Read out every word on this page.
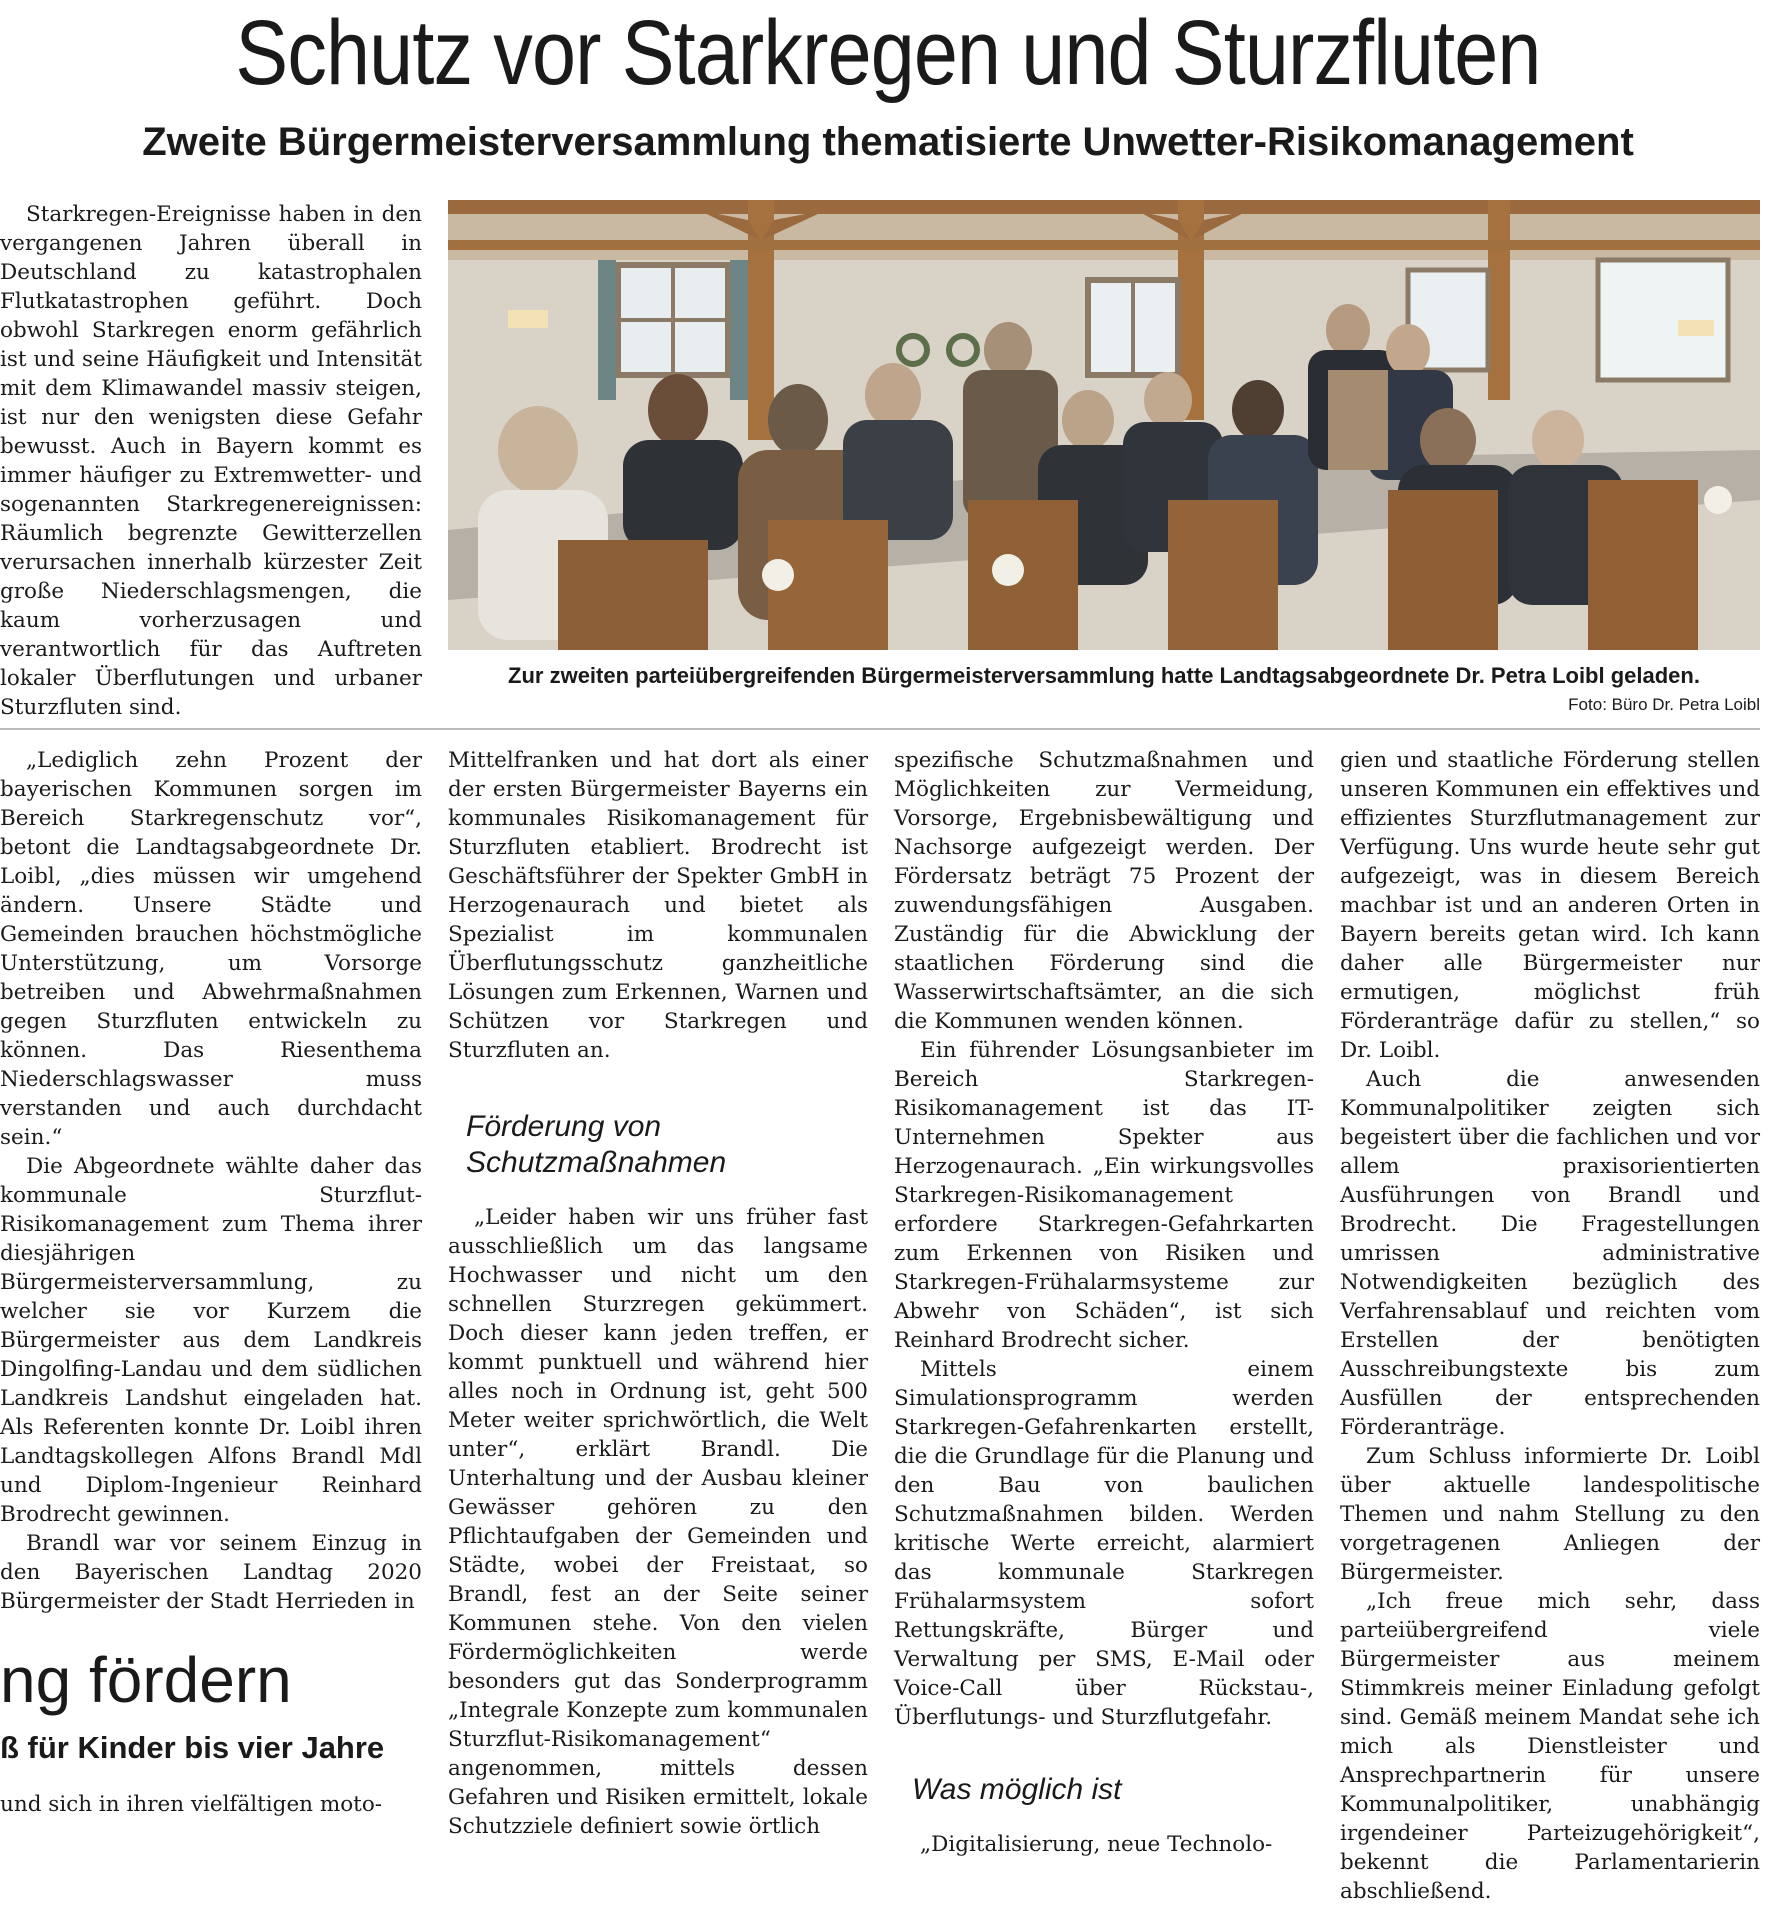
Schutz vor Starkregen und Sturzfluten
Zweite Bürgermeisterversammlung thematisierte Unwetter-Risikomanagement

Starkregen-Ereignisse haben in den vergangenen Jahren überall in Deutschland zu katastrophalen Flutkatastrophen geführt. Doch obwohl Starkregen enorm gefährlich ist und seine Häufigkeit und Intensität mit dem Klimawandel massiv steigen, ist nur den wenigsten diese Gefahr bewusst. Auch in Bayern kommt es immer häufiger zu Extremwetter- und sogenannten Starkregenereignissen: Räumlich begrenzte Gewitterzellen verursachen innerhalb kürzester Zeit große Niederschlagsmengen, die kaum vorherzusagen und verantwortlich für das Auftreten lokaler Überflutungen und urbaner Sturzfluten sind.

Zur zweiten parteiübergreifenden Bürgermeisterversammlung hatte Landtagsabgeordnete Dr. Petra Loibl geladen.
Foto: Büro Dr. Petra Loibl

„Lediglich zehn Prozent der bayerischen Kommunen sorgen im Bereich Starkregenschutz vor“, betont die Landtagsabgeordnete Dr. Loibl, „dies müssen wir umgehend ändern. Unsere Städte und Gemeinden brauchen höchstmögliche Unterstützung, um Vorsorge betreiben und Abwehrmaßnahmen gegen Sturzfluten entwickeln zu können. Das Riesenthema Niederschlagswasser muss verstanden und auch durchdacht sein.“

Die Abgeordnete wählte daher das kommunale Sturzflut-Risikomanagement zum Thema ihrer diesjährigen Bürgermeisterversammlung, zu welcher sie vor Kurzem die Bürgermeister aus dem Landkreis Dingolfing-Landau und dem südlichen Landkreis Landshut eingeladen hat. Als Referenten konnte Dr. Loibl ihren Landtagskollegen Alfons Brandl Mdl und Diplom-Ingenieur Reinhard Brodrecht gewinnen.

Brandl war vor seinem Einzug in den Bayerischen Landtag 2020 Bürgermeister der Stadt Herrieden in

Mittelfranken und hat dort als einer der ersten Bürgermeister Bayerns ein kommunales Risikomanagement für Sturzfluten etabliert. Brodrecht ist Geschäftsführer der Spekter GmbH in Herzogenaurach und bietet als Spezialist im kommunalen Überflutungsschutz ganzheitliche Lösungen zum Erkennen, Warnen und Schützen vor Starkregen und Sturzfluten an.

Förderung von Schutzmaßnahmen

„Leider haben wir uns früher fast ausschließlich um das langsame Hochwasser und nicht um den schnellen Sturzregen gekümmert. Doch dieser kann jeden treffen, er kommt punktuell und während hier alles noch in Ordnung ist, geht 500 Meter weiter sprichwörtlich, die Welt unter“, erklärt Brandl. Die Unterhaltung und der Ausbau kleiner Gewässer gehören zu den Pflichtaufgaben der Gemeinden und Städte, wobei der Freistaat, so Brandl, fest an der Seite seiner Kommunen stehe. Von den vielen Fördermöglichkeiten werde besonders gut das Sonderprogramm „Integrale Konzepte zum kommunalen Sturzflut-Risikomanagement“ angenommen, mittels dessen Gefahren und Risiken ermittelt, lokale Schutzziele definiert sowie örtlich

spezifische Schutzmaßnahmen und Möglichkeiten zur Vermeidung, Vorsorge, Ergebnisbewältigung und Nachsorge aufgezeigt werden. Der Fördersatz beträgt 75 Prozent der zuwendungsfähigen Ausgaben. Zuständig für die Abwicklung der staatlichen Förderung sind die Wasserwirtschaftsämter, an die sich die Kommunen wenden können.

Ein führender Lösungsanbieter im Bereich Starkregen-Risikomanagement ist das IT-Unternehmen Spekter aus Herzogenaurach. „Ein wirkungsvolles Starkregen-Risikomanagement erfordere Starkregen-Gefahrkarten zum Erkennen von Risiken und Starkregen-Frühalarmsysteme zur Abwehr von Schäden“, ist sich Reinhard Brodrecht sicher.

Mittels einem Simulationsprogramm werden Starkregen-Gefahrenkarten erstellt, die die Grundlage für die Planung und den Bau von baulichen Schutzmaßnahmen bilden. Werden kritische Werte erreicht, alarmiert das kommunale Starkregen Frühalarmsystem sofort Rettungskräfte, Bürger und Verwaltung per SMS, E-Mail oder Voice-Call über Rückstau-, Überflutungs- und Sturzflutgefahr.

Was möglich ist

„Digitalisierung, neue Technolo-

gien und staatliche Förderung stellen unseren Kommunen ein effektives und effizientes Sturzflutmanagement zur Verfügung. Uns wurde heute sehr gut aufgezeigt, was in diesem Bereich machbar ist und an anderen Orten in Bayern bereits getan wird. Ich kann daher alle Bürgermeister nur ermutigen, möglichst früh Förderanträge dafür zu stellen,“ so Dr. Loibl.

Auch die anwesenden Kommunalpolitiker zeigten sich begeistert über die fachlichen und vor allem praxisorientierten Ausführungen von Brandl und Brodrecht. Die Fragestellungen umrissen administrative Notwendigkeiten bezüglich des Verfahrensablauf und reichten vom Erstellen der benötigten Ausschreibungstexte bis zum Ausfüllen der entsprechenden Förderanträge.

Zum Schluss informierte Dr. Loibl über aktuelle landespolitische Themen und nahm Stellung zu den vorgetragenen Anliegen der Bürgermeister.

„Ich freue mich sehr, dass parteiübergreifend viele Bürgermeister aus meinem Stimmkreis meiner Einladung gefolgt sind. Gemäß meinem Mandat sehe ich mich als Dienstleister und Ansprechpartnerin für unsere Kommunalpolitiker, unabhängig irgendeiner Parteizugehörigkeit“, bekennt die Parlamentarierin abschließend.

ng fördern
ß für Kinder bis vier Jahre
und sich in ihren vielfältigen moto-
